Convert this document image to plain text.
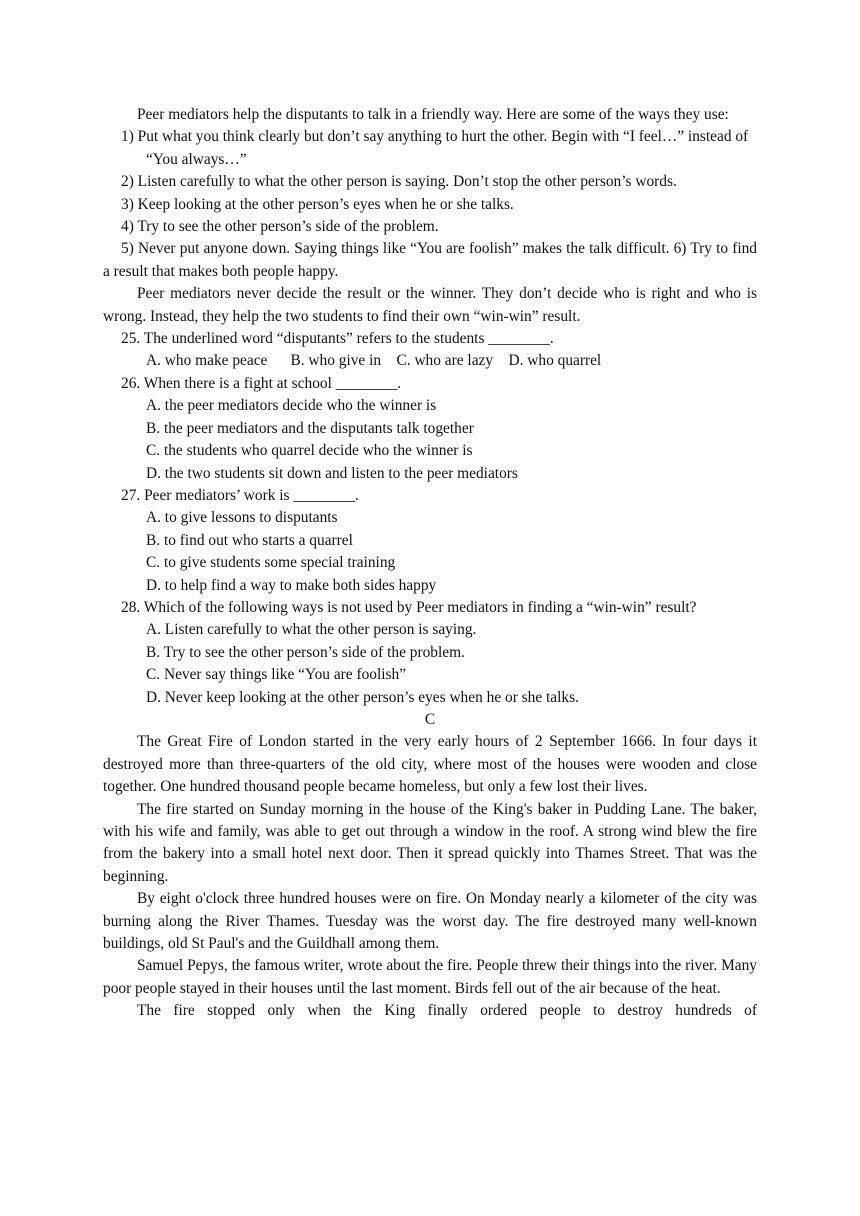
Peer mediators help the disputants to talk in a friendly way. Here are some of the ways they use:

1) Put what you think clearly but don’t say anything to hurt the other. Begin with “I feel…” instead of “You always…”

2) Listen carefully to what the other person is saying. Don’t stop the other person’s words.

3) Keep looking at the other person’s eyes when he or she talks.

4) Try to see the other person’s side of the problem.

5) Never put anyone down. Saying things like “You are foolish” makes the talk difficult. 6) Try to find a result that makes both people happy.

Peer mediators never decide the result or the winner. They don’t decide who is right and who is wrong. Instead, they help the two students to find their own “win-win” result.

25. The underlined word “disputants” refers to the students ________.

A. who make peace B. who give in C. who are lazy D. who quarrel

26. When there is a fight at school ________.

A. the peer mediators decide who the winner is

B. the peer mediators and the disputants talk together

C. the students who quarrel decide who the winner is

D. the two students sit down and listen to the peer mediators

27. Peer mediators’ work is ________.

A. to give lessons to disputants

B. to find out who starts a quarrel

C. to give students some special training

D. to help find a way to make both sides happy

28. Which of the following ways is not used by Peer mediators in finding a “win-win” result?

A. Listen carefully to what the other person is saying.

B. Try to see the other person’s side of the problem.

C. Never say things like “You are foolish”

D. Never keep looking at the other person’s eyes when he or she talks.

C

The Great Fire of London started in the very early hours of 2 September 1666. In four days it destroyed more than three-quarters of the old city, where most of the houses were wooden and close together. One hundred thousand people became homeless, but only a few lost their lives.

The fire started on Sunday morning in the house of the King's baker in Pudding Lane. The baker, with his wife and family, was able to get out through a window in the roof. A strong wind blew the fire from the bakery into a small hotel next door. Then it spread quickly into Thames Street. That was the beginning.

By eight o'clock three hundred houses were on fire. On Monday nearly a kilometer of the city was burning along the River Thames. Tuesday was the worst day. The fire destroyed many well-known buildings, old St Paul's and the Guildhall among them.

Samuel Pepys, the famous writer, wrote about the fire. People threw their things into the river. Many poor people stayed in their houses until the last moment. Birds fell out of the air because of the heat.

The fire stopped only when the King finally ordered people to destroy hundreds of
